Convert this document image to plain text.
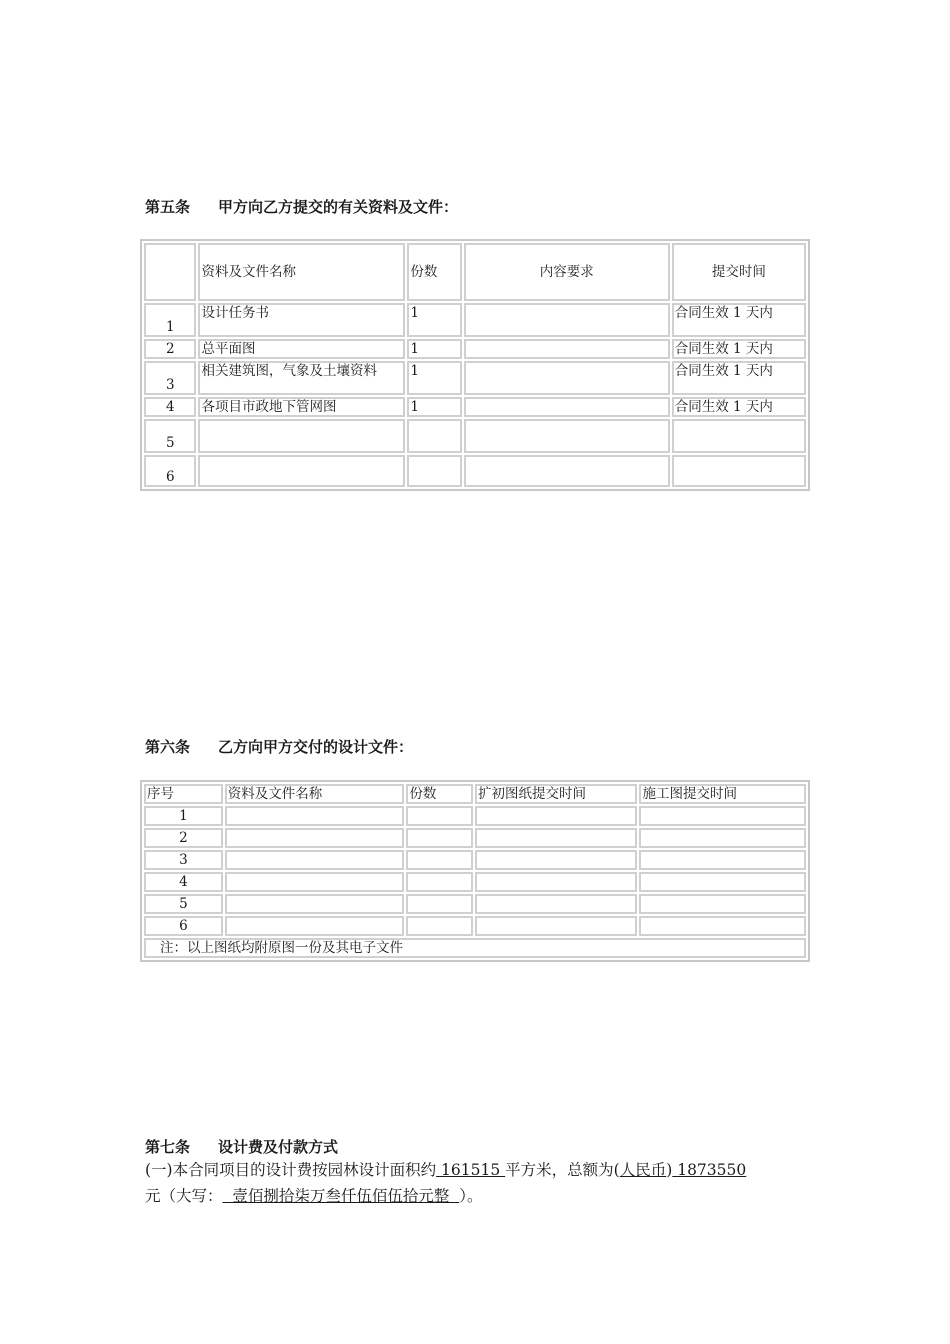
第五条 甲方向乙方提交的有关资料及文件：
	资料及文件名称	份数	内容要求	提交时间
1	设计任务书	1		合同生效 1 天内
2	总平面图	1		合同生效 1 天内
3	相关建筑图，气象及土壤资料	1		合同生效 1 天内
4	各项目市政地下管网图	1		合同生效 1 天内
5				
6				
第六条 乙方向甲方交付的设计文件：
序号	资料及文件名称	份数	扩初图纸提交时间	施工图提交时间
1				
2				
3				
4				
5				
6				
注：以上图纸均附原图一份及其电子文件				
第七条 设计费及付款方式
(一)本合同项目的设计费按园林设计面积约 161515 平方米，总额为(人民币) 1873550
元（大写：  壹佰捌拾柒万叁仟伍佰伍拾元整  ）。
